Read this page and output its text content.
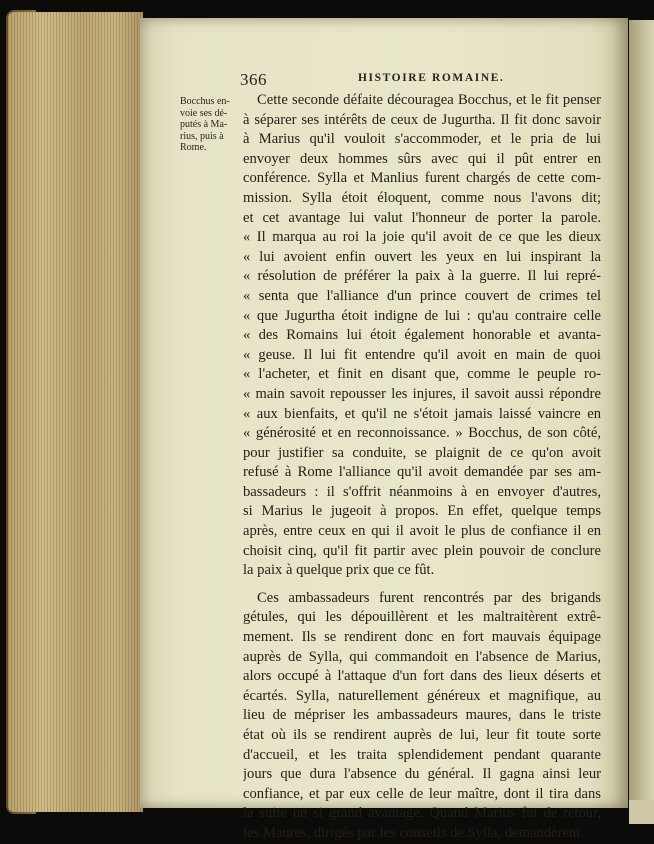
366	HISTOIRE ROMAINE.
Bocchus en-
voie ses dé-
putés à Ma-
rius, puis à
Rome.
Cette seconde défaite découragea Bocchus, et le fit penser
à séparer ses intérêts de ceux de Jugurtha. Il fit donc savoir
à Marius qu'il vouloit s'accommoder, et le pria de lui
envoyer deux hommes sûrs avec qui il pût entrer en
conférence. Sylla et Manlius furent chargés de cette com-
mission. Sylla étoit éloquent, comme nous l'avons dit;
et cet avantage lui valut l'honneur de porter la parole.
« Il marqua au roi la joie qu'il avoit de ce que les dieux
« lui avoient enfin ouvert les yeux en lui inspirant la
« résolution de préférer la paix à la guerre. Il lui repré-
« senta que l'alliance d'un prince couvert de crimes tel
« que Jugurtha étoit indigne de lui : qu'au contraire celle
« des Romains lui étoit également honorable et avanta-
« geuse. Il lui fit entendre qu'il avoit en main de quoi
« l'acheter, et finit en disant que, comme le peuple ro-
« main savoit repousser les injures, il savoit aussi répondre
« aux bienfaits, et qu'il ne s'étoit jamais laissé vaincre en
« générosité et en reconnoissance. » Bocchus, de son côté,
pour justifier sa conduite, se plaignit de ce qu'on avoit
refusé à Rome l'alliance qu'il avoit demandée par ses am-
bassadeurs : il s'offrit néanmoins à en envoyer d'autres,
si Marius le jugeoit à propos. En effet, quelque temps
après, entre ceux en qui il avoit le plus de confiance il en
choisit cinq, qu'il fit partir avec plein pouvoir de conclure
la paix à quelque prix que ce fût.
Ces ambassadeurs furent rencontrés par des brigands
gétules, qui les dépouillèrent et les maltraitèrent extrê-
mement. Ils se rendirent donc en fort mauvais équipage
auprès de Sylla, qui commandoit en l'absence de Marius,
alors occupé à l'attaque d'un fort dans des lieux déserts et
écartés. Sylla, naturellement généreux et magnifique, au
lieu de mépriser les ambassadeurs maures, dans le triste
état où ils se rendirent auprès de lui, leur fit toute sorte
d'accueil, et les traita splendidement pendant quarante
jours que dura l'absence du général. Il gagna ainsi leur
confiance, et par eux celle de leur maître, dont il tira dans
la suite un si grand avantage. Quand Marius fut de retour,
les Maures, dirigés par les conseils de Sylla, demandèrent
